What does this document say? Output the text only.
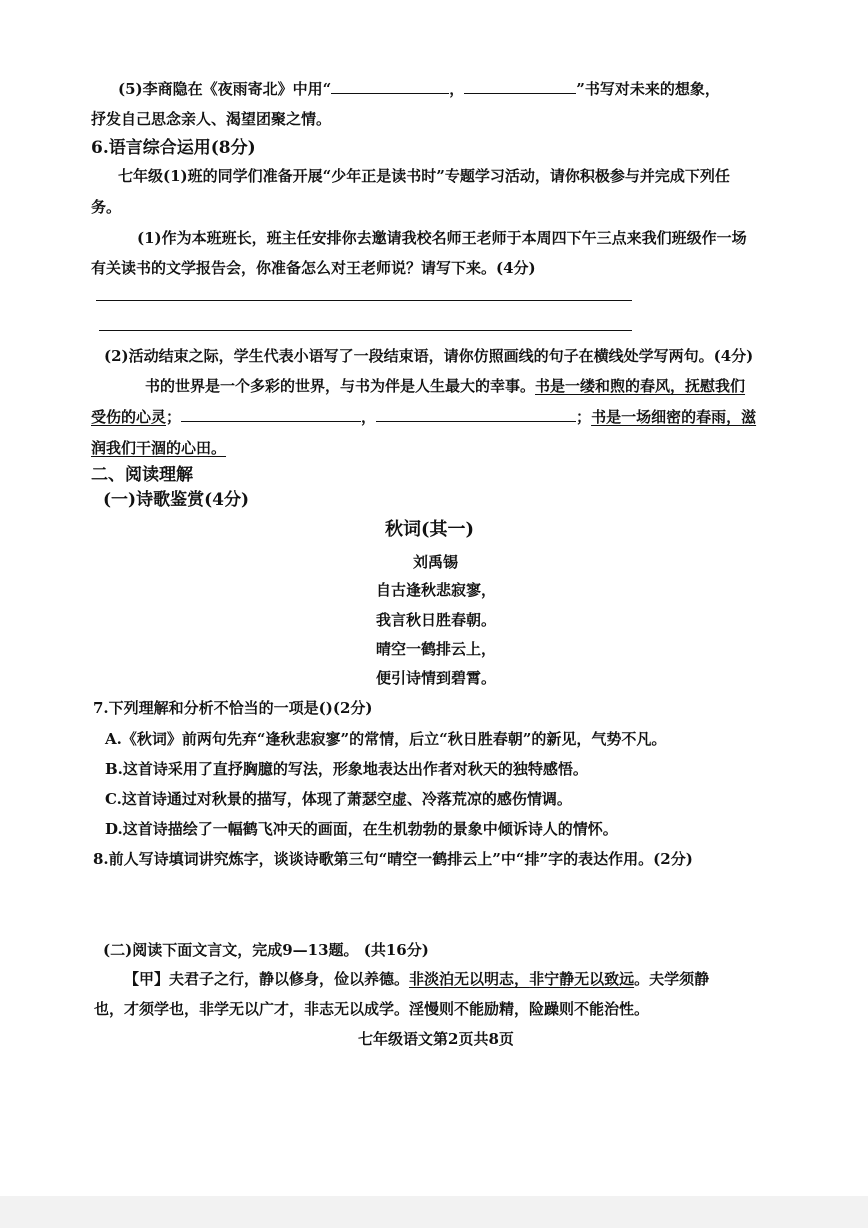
(5)李商隐在《夜雨寄北》中用“	，	”书写对未来的想象，
抒发自己思念亲人、渴望团聚之情。
6.语言综合运用(8分)
七年级(1)班的同学们准备开展“少年正是读书时”专题学习活动，请你积极参与并完成下列任
务。
(1)作为本班班长，班主任安排你去邀请我校名师王老师于本周四下午三点来我们班级作一场
有关读书的文学报告会，你准备怎么对王老师说？请写下来。(4分)
(2)活动结束之际，学生代表小语写了一段结束语，请你仿照画线的句子在横线处学写两句。(4分)
书的世界是一个多彩的世界，与书为伴是人生最大的幸事。书是一缕和煦的春风，抚慰我们
受伤的心灵；	，	；书是一场细密的春雨，滋
润我们干涸的心田。
二、阅读理解
(一)诗歌鉴赏(4分)
秋词(其一)
刘禹锡
自古逢秋悲寂寥，
我言秋日胜春朝。
晴空一鹤排云上，
便引诗情到碧霄。
7.下列理解和分析不恰当的一项是()(2分)
A.《秋词》前两句先弃“逢秋悲寂寥”的常情，后立“秋日胜春朝”的新见，气势不凡。
B.这首诗采用了直抒胸臆的写法，形象地表达出作者对秋天的独特感悟。
C.这首诗通过对秋景的描写，体现了萧瑟空虚、冷落荒凉的感伤情调。
D.这首诗描绘了一幅鹤飞冲天的画面，在生机勃勃的景象中倾诉诗人的情怀。
8.前人写诗填词讲究炼字，谈谈诗歌第三句“晴空一鹤排云上”中“排”字的表达作用。(2分)
(二)阅读下面文言文，完成9—13题。 (共16分)
【甲】夫君子之行，静以修身，俭以养德。非淡泊无以明志，非宁静无以致远。夫学须静
也，才须学也，非学无以广才，非志无以成学。淫慢则不能励精，险躁则不能治性。
七年级语文第2页共8页
